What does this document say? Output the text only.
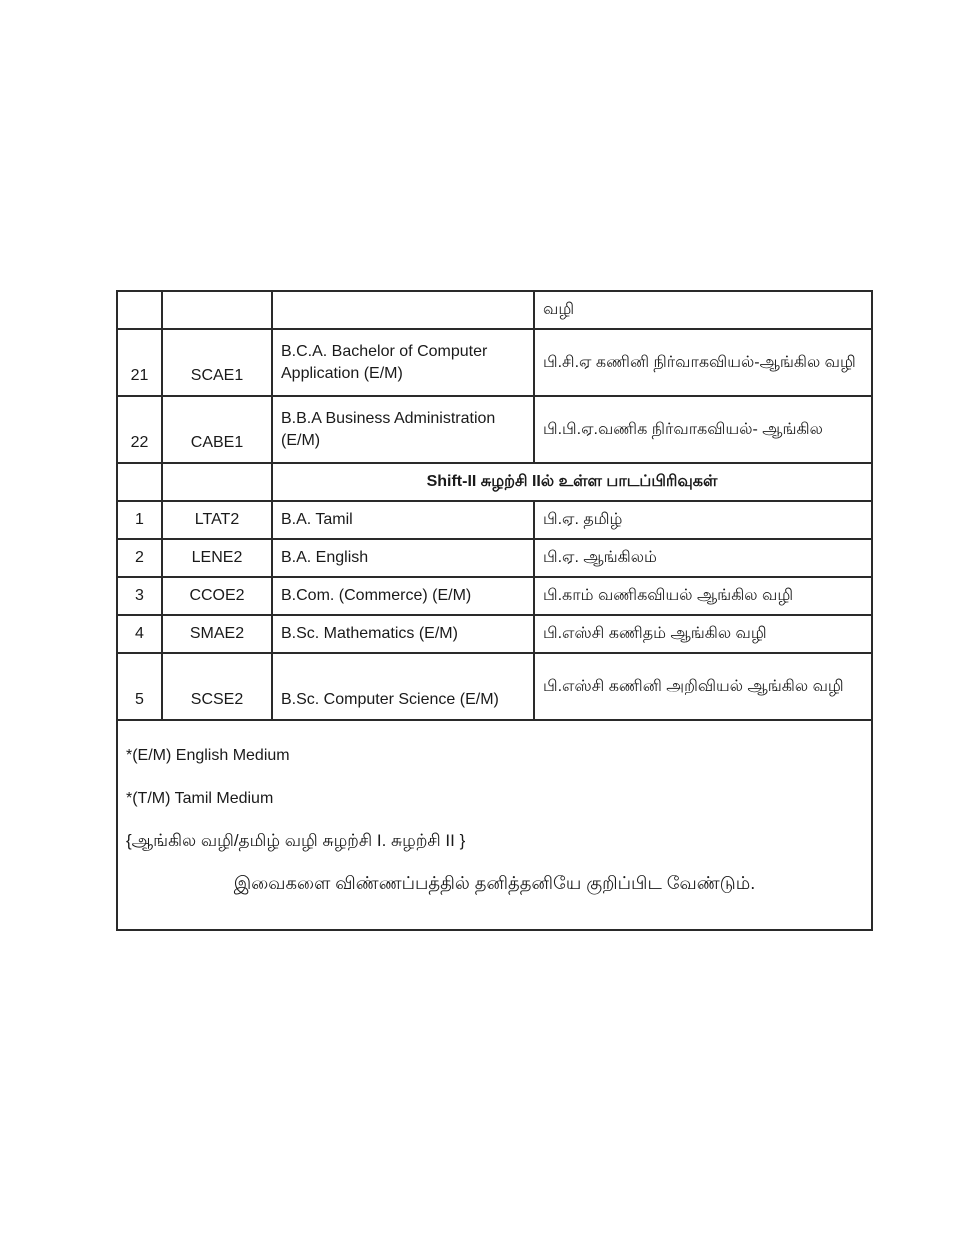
			வழி
21	SCAE1	B.C.A. Bachelor of Computer Application (E/M)	பி.சி.ஏ கணினி நிர்வாகவியல்-ஆங்கில வழி
22	CABE1	B.B.A Business Administration (E/M)	பி.பி.ஏ.வணிக நிர்வாகவியல்- ஆங்கில
		Shift-II சுழற்சி IIல் உள்ள பாடப்பிரிவுகள்	
1	LTAT2	B.A. Tamil	பி.ஏ. தமிழ்
2	LENE2	B.A. English	பி.ஏ. ஆங்கிலம்
3	CCOE2	B.Com. (Commerce) (E/M)	பி.காம் வணிகவியல் ஆங்கில வழி
4	SMAE2	B.Sc. Mathematics (E/M)	பி.எஸ்சி கணிதம் ஆங்கில வழி
5	SCSE2	B.Sc. Computer Science (E/M)	பி.எஸ்சி கணினி அறிவியல் ஆங்கில வழி
*(E/M) English Medium
*(T/M) Tamil Medium
{ஆங்கில வழி/தமிழ் வழி சுழற்சி I. சுழற்சி II }
இவைகளை விண்ணப்பத்தில் தனித்தனியே குறிப்பிட வேண்டும்.
